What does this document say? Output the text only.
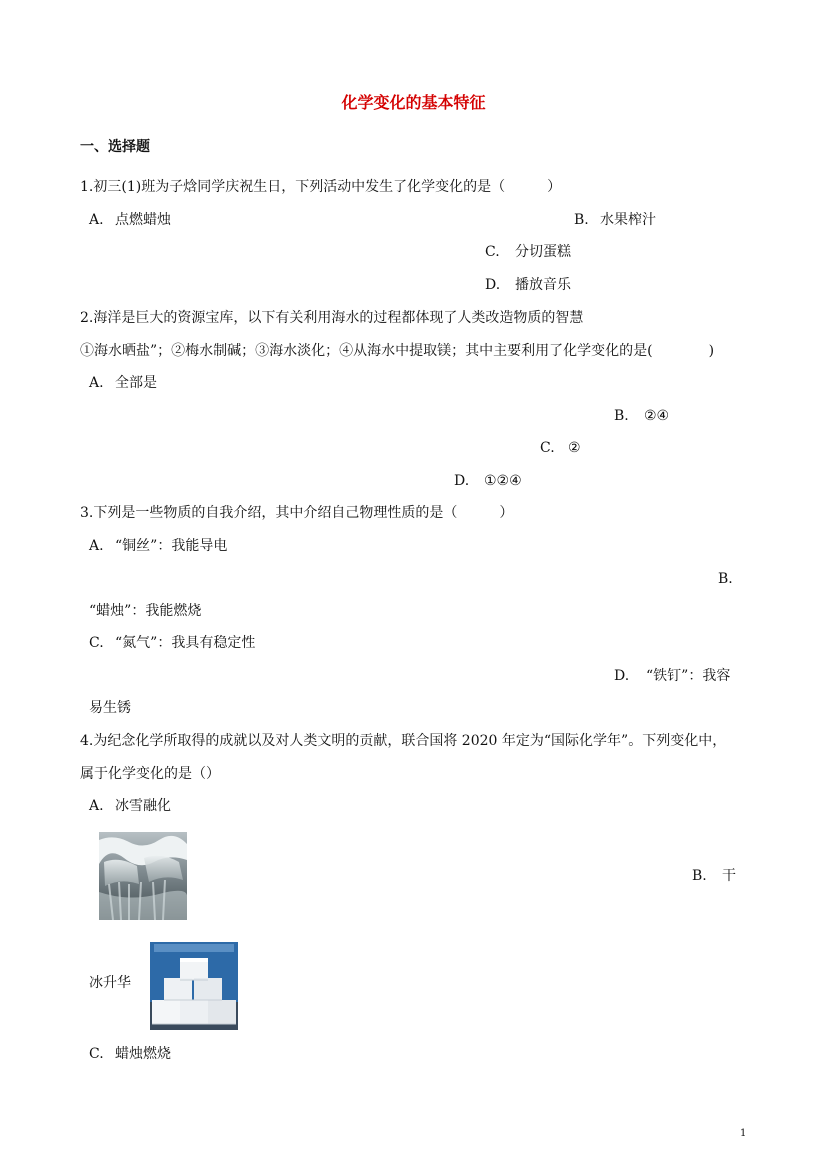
化学变化的基本特征
一、选择题
1.初三(1)班为子焓同学庆祝生日，下列活动中发生了化学变化的是（　　　）
A. 点燃蜡烛	B. 水果榨汁
C. 分切蛋糕
D. 播放音乐
2.海洋是巨大的资源宝库，以下有关利用海水的过程都体现了人类改造物质的智慧
①海水晒盐”；②梅水制碱；③海水淡化；④从海水中提取镁；其中主要利用了化学变化的是(　　　　)
A. 全部是
B. ②④
C. ②
D. ①②④
3.下列是一些物质的自我介绍，其中介绍自己物理性质的是（　　　）
A. “铜丝”：我能导电
B.
“蜡烛”：我能燃烧
C. “氮气”：我具有稳定性
D. “铁钉”：我容
易生锈
4.为纪念化学所取得的成就以及对人类文明的贡献，联合国将 2020 年定为“国际化学年”。下列变化中，
属于化学变化的是（）
A. 冰雪融化
B. 干
冰升华
C. 蜡烛燃烧
1
